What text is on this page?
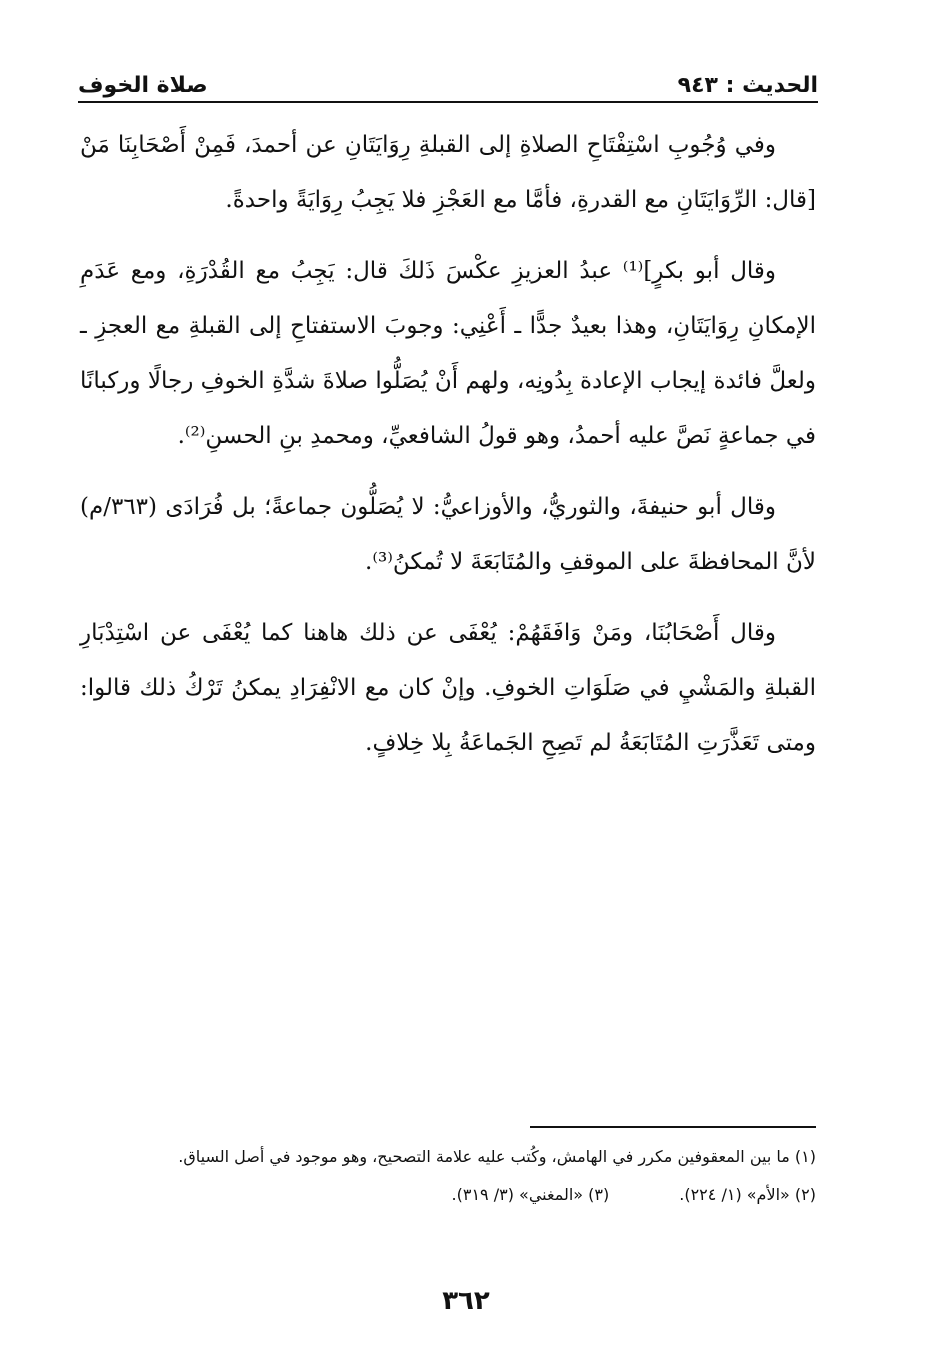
الحديث : ٩٤٣
صلاة الخوف

وفي وُجُوبِ اسْتِفْتَاحِ الصلاةِ إلى القبلةِ رِوَايَتَانِ عن أحمدَ، فَمِنْ أَصْحَابِنَا مَنْ [قال: الرِّوَايَتَانِ مع القدرةِ، فأمَّا مع العَجْزِ فلا يَجِبُ رِوَايَةً واحدةً.

وقال أبو بكرٍ]⁽¹⁾ عبدُ العزيزِ عكْسَ ذَلكَ قال: يَجِبُ مع القُدْرَةِ، ومع عَدَمِ الإمكانِ رِوَايَتَانِ، وهذا بعيدٌ جدًّا ـ أَعْنِي: وجوبَ الاستفتاحِ إلى القبلةِ مع العجزِ ـ ولعلَّ فائدة إيجاب الإعادة بِدُونِه، ولهم أَنْ يُصَلُّوا صلاةَ شدَّةِ الخوفِ رجالًا وركبانًا في جماعةٍ نَصَّ عليه أحمدُ، وهو قولُ الشافعيِّ، ومحمدِ بنِ الحسنِ⁽²⁾.

وقال أبو حنيفةَ، والثوريُّ، والأوزاعيُّ: لا يُصَلُّون جماعةً؛ بل فُرَادَى (٣٦٣/م) لأنَّ المحافظةَ على الموقفِ والمُتَابَعَةَ لا تُمكنُ⁽³⁾.

وقال أَصْحَابُنَا، ومَنْ وَافَقَهُمْ: يُعْفَى عن ذلك هاهنا كما يُعْفَى عن اسْتِدْبَارِ القبلةِ والمَشْيِ في صَلَوَاتِ الخوفِ. وإنْ كان مع الانْفِرَادِ يمكنُ تَرْكُ ذلك قالوا: ومتى تَعَذَّرَتِ المُتَابَعَةُ لم تَصِحِ الجَماعَةُ بِلا خِلافٍ.

(١) ما بين المعقوفين مكرر في الهامش، وكُتب عليه علامة التصحيح، وهو موجود في أصل السياق.

(٢) «الأم» (١/ ٢٢٤).
(٣) «المغني» (٣/ ٣١٩).
٣٦٢
